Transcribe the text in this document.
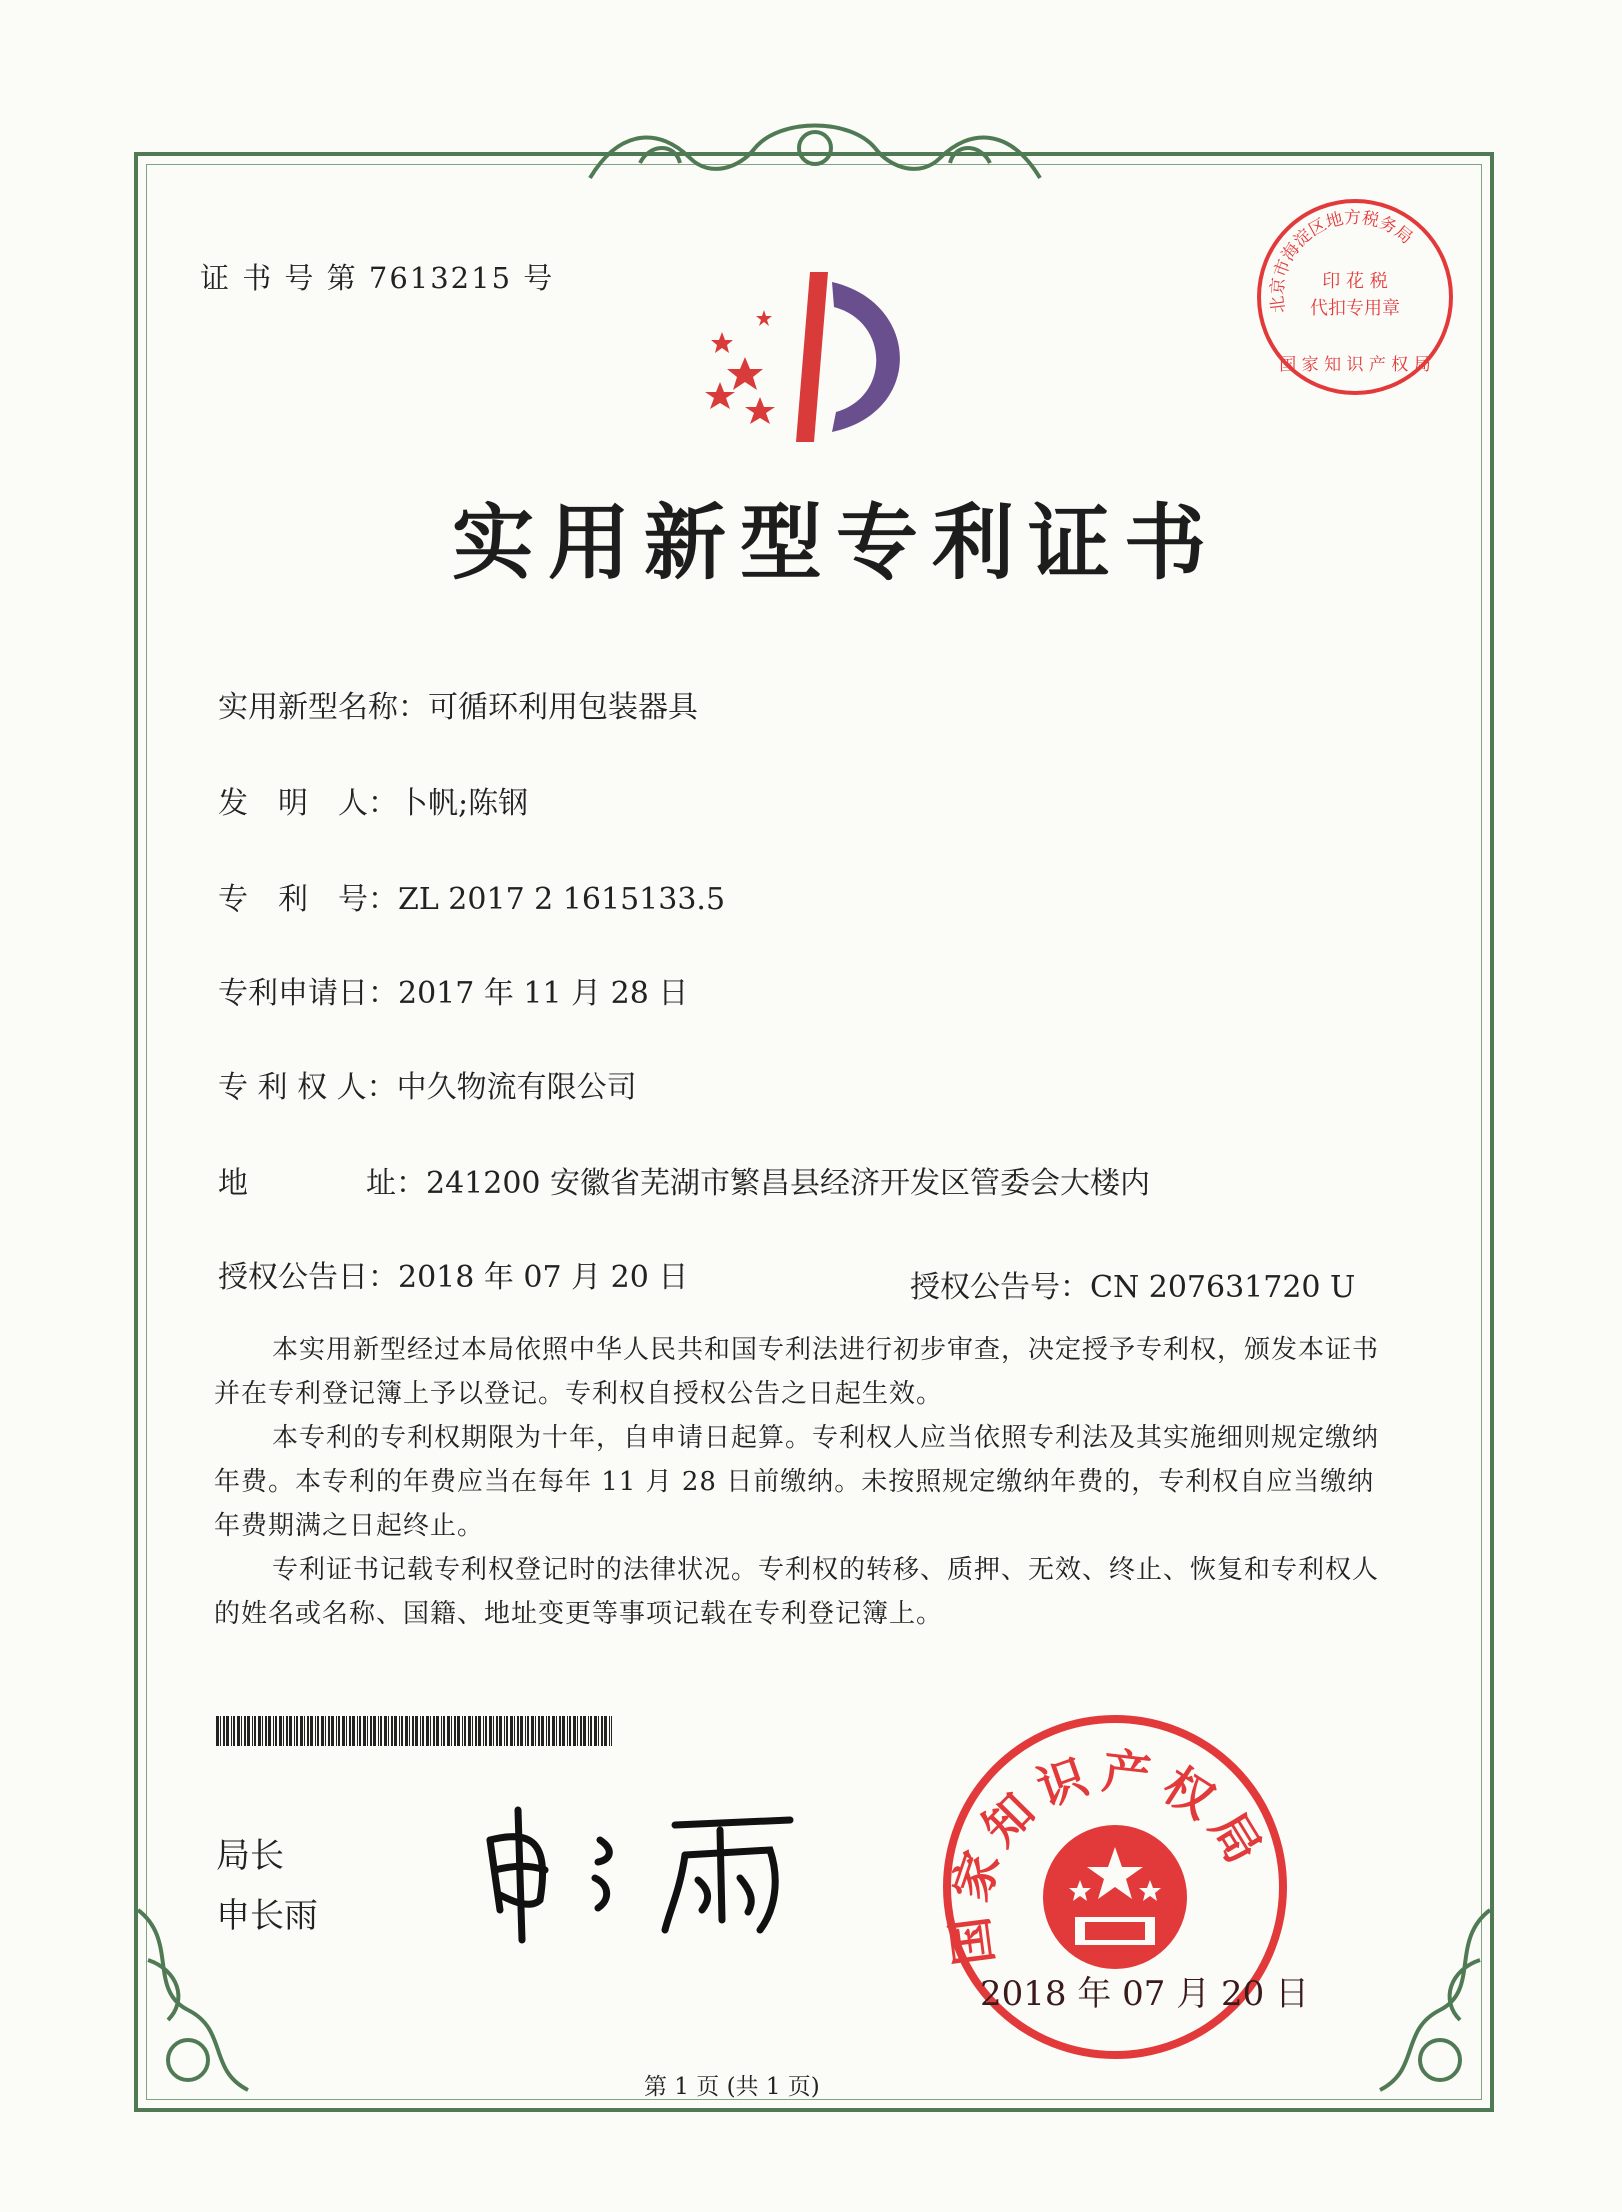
证 书 号 第 7613215 号
北京市海淀区地方税务局
印 花 税
代扣专用章
国 家 知 识 产 权 局
实用新型专利证书
实用新型名称：可循环利用包装器具
发　明　人：卜帆;陈钢
专　利　号：ZL 2017 2 1615133.5
专利申请日：2017 年 11 月 28 日
专 利 权 人：中久物流有限公司
地	址：241200 安徽省芜湖市繁昌县经济开发区管委会大楼内
授权公告日：2018 年 07 月 20 日	授权公告号：CN 207631720 U

本实用新型经过本局依照中华人民共和国专利法进行初步审查，决定授予专利权，颁发本证书并在专利登记簿上予以登记。专利权自授权公告之日起生效。

本专利的专利权期限为十年，自申请日起算。专利权人应当依照专利法及其实施细则规定缴纳年费。本专利的年费应当在每年 11 月 28 日前缴纳。未按照规定缴纳年费的，专利权自应当缴纳年费期满之日起终止。

专利证书记载专利权登记时的法律状况。专利权的转移、质押、无效、终止、恢复和专利权人的姓名或名称、国籍、地址变更等事项记载在专利登记簿上。

局长
申长雨	国家知识产权局
2018 年 07 月 20 日
第 1 页 (共 1 页)
